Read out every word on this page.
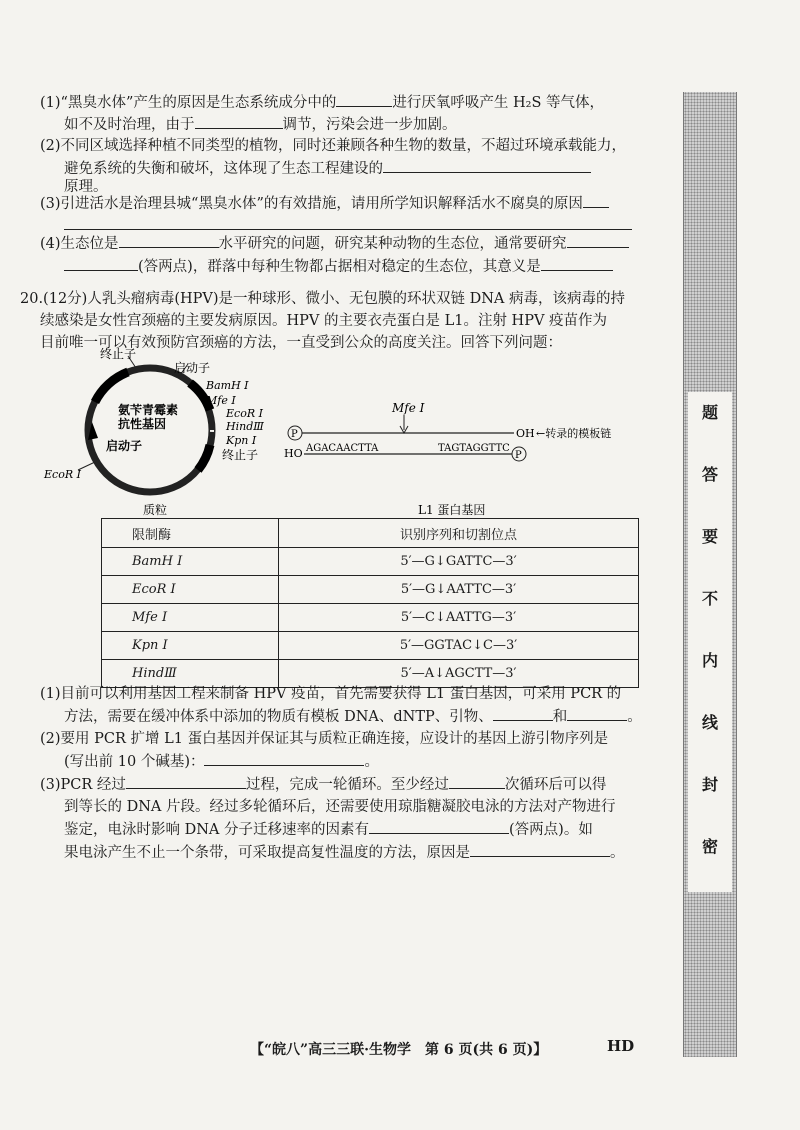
(1)“黑臭水体”产生的原因是生态系统成分中的	进行厌氧呼吸产生 H₂S 等气体，
如不及时治理，由于	调节，污染会进一步加剧。
(2)不同区域选择种植不同类型的植物，同时还兼顾各种生物的数量，不超过环境承载能力，
避免系统的失衡和破坏，这体现了生态工程建设的
原理。
(3)引进活水是治理县城“黑臭水体”的有效措施，请用所学知识解释活水不腐臭的原因
(4)生态位是	水平研究的问题，研究某种动物的生态位，通常要研究
(答两点)，群落中每种生物都占据相对稳定的生态位，其意义是
20.(12分)人乳头瘤病毒(HPV)是一种球形、微小、无包膜的环状双链 DNA 病毒，该病毒的持
续感染是女性宫颈癌的主要发病原因。HPV 的主要衣壳蛋白是 L1。注射 HPV 疫苗作为
目前唯一可以有效预防宫颈癌的方法，一直受到公众的高度关注。回答下列问题：
终止子
启动子
BamH Ⅰ
Mfe Ⅰ
EcoR Ⅰ
HindⅢ
Kpn Ⅰ
终止子
氨苄青霉素
抗性基因
启动子
EcoR Ⅰ
质粒
Mfe Ⅰ
P	OH ←转录的模板链
HO AGACAACTTA	TAGTAGGTTC
P
L1 蛋白基因
限制酶	识别序列和切割位点
BamH Ⅰ	5′—G↓GATTC—3′
EcoR Ⅰ	5′—G↓AATTC—3′
Mfe Ⅰ	5′—C↓AATTG—3′
Kpn Ⅰ	5′—GGTAC↓C—3′
HindⅢ	5′—A↓AGCTT—3′
(1)目前可以利用基因工程来制备 HPV 疫苗，首先需要获得 L1 蛋白基因，可采用 PCR 的
方法，需要在缓冲体系中添加的物质有模板 DNA、dNTP、引物、	和	。
(2)要用 PCR 扩增 L1 蛋白基因并保证其与质粒正确连接，应设计的基因上游引物序列是
(写出前 10 个碱基)：	。
(3)PCR 经过	过程，完成一轮循环。至少经过	次循环后可以得
到等长的 DNA 片段。经过多轮循环后，还需要使用琼脂糖凝胶电泳的方法对产物进行
鉴定，电泳时影响 DNA 分子迁移速率的因素有	(答两点)。如
果电泳产生不止一个条带，可采取提高复性温度的方法，原因是	。
题
答
要
不
内
线
封
密
【“皖八”高三三联·生物学　第 6 页(共 6 页)】	HD
